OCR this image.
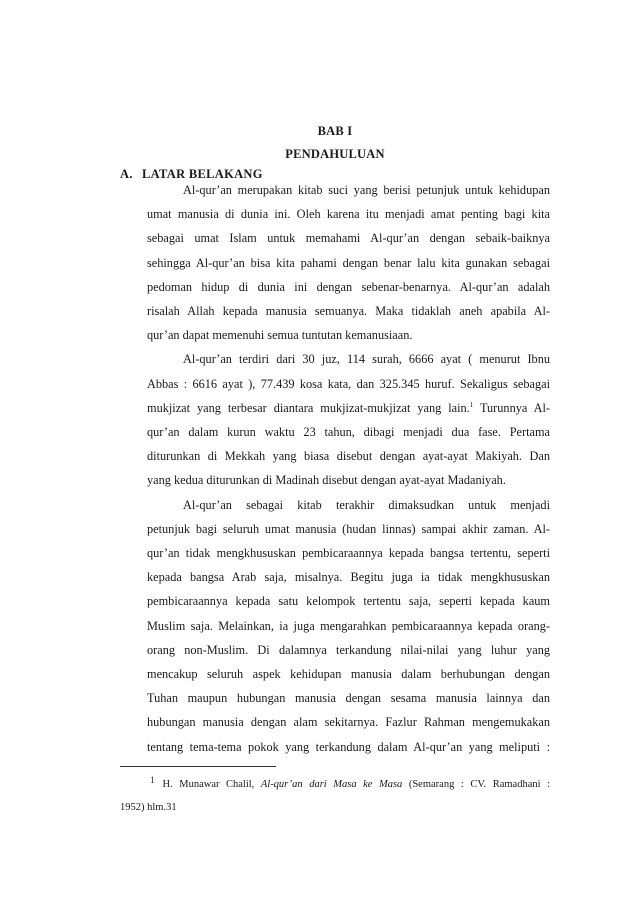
BAB I
PENDAHULUAN
A. LATAR BELAKANG

Al-qur’an merupakan kitab suci yang berisi petunjuk untuk kehidupan
umat manusia di dunia ini. Oleh karena itu menjadi amat penting bagi kita
sebagai umat Islam untuk memahami Al-qur’an dengan sebaik-baiknya
sehingga Al-qur’an bisa kita pahami dengan benar lalu kita gunakan sebagai
pedoman hidup di dunia ini dengan sebenar-benarnya. Al-qur’an adalah
risalah Allah kepada manusia semuanya. Maka tidaklah aneh apabila Al-
qur’an dapat memenuhi semua tuntutan kemanusiaan.

Al-qur’an terdiri dari 30 juz, 114 surah, 6666 ayat ( menurut Ibnu
Abbas : 6616 ayat ), 77.439 kosa kata, dan 325.345 huruf. Sekaligus sebagai
mukjizat yang terbesar diantara mukjizat-mukjizat yang lain.$^1$ Turunnya Al-
qur’an dalam kurun waktu 23 tahun, dibagi menjadi dua fase. Pertama
diturunkan di Mekkah yang biasa disebut dengan ayat-ayat Makiyah. Dan
yang kedua diturunkan di Madinah disebut dengan ayat-ayat Madaniyah.

Al-qur’an sebagai kitab terakhir dimaksudkan untuk menjadi
petunjuk bagi seluruh umat manusia (hudan linnas) sampai akhir zaman. Al-
qur’an tidak mengkhususkan pembicaraannya kepada bangsa tertentu, seperti
kepada bangsa Arab saja, misalnya. Begitu juga ia tidak mengkhususkan
pembicaraannya kepada satu kelompok tertentu saja, seperti kepada kaum
Muslim saja. Melainkan, ia juga mengarahkan pembicaraannya kepada orang-
orang non-Muslim. Di dalamnya terkandung nilai-nilai yang luhur yang
mencakup seluruh aspek kehidupan manusia dalam berhubungan dengan
Tuhan maupun hubungan manusia dengan sesama manusia lainnya dan
hubungan manusia dengan alam sekitarnya. Fazlur Rahman mengemukakan
tentang tema-tema pokok yang terkandung dalam Al-qur’an yang meliputi :

$^1$ H. Munawar Chalil, Al-qur’an dari Masa ke Masa (Semarang : CV. Ramadhani :
1952) hlm.31
